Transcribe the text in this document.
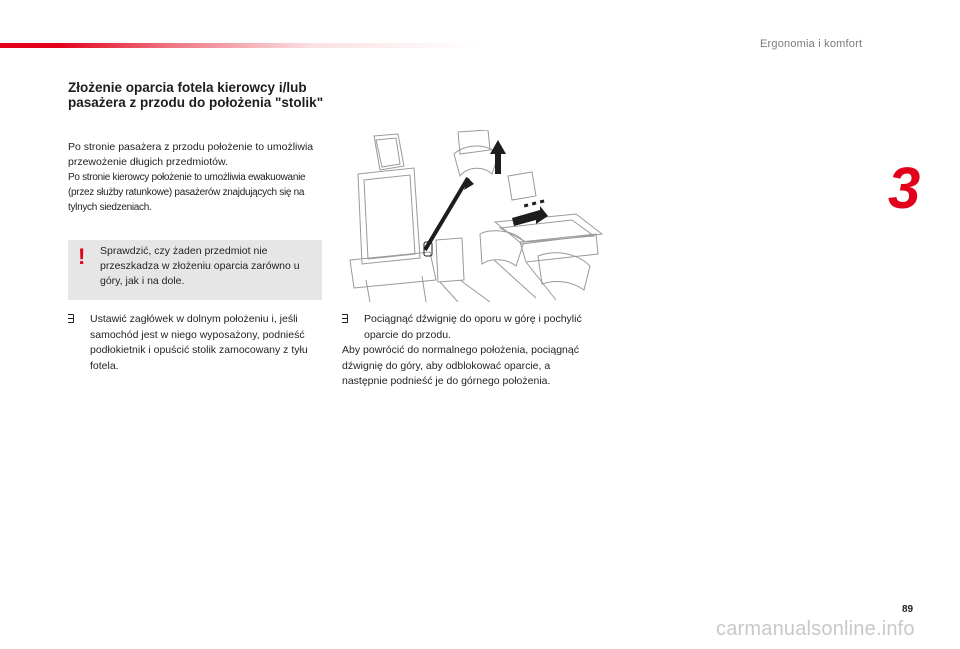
Ergonomia i komfort
3
Złożenie oparcia fotela kierowcy i/lub pasażera z przodu do położenia "stolik"

Po stronie pasażera z przodu położenie to umożliwia przewożenie długich przedmiotów.

Po stronie kierowcy położenie to umożliwia ewakuowanie (przez służby ratunkowe) pasażerów znajdujących się na tylnych siedzeniach.

! Sprawdzić, czy żaden przedmiot nie przeszkadza w złożeniu oparcia zarówno u góry, jak i na dole.
Ustawić zagłówek w dolnym położeniu i, jeśli samochód jest w niego wyposażony, podnieść podłokietnik i opuścić stolik zamocowany z tyłu fotela.
Pociągnąć dźwignię do oporu w górę i pochylić oparcie do przodu.
Aby powrócić do normalnego położenia, pociągnąć dźwignię do góry, aby odblokować oparcie, a następnie podnieść je do górnego położenia.
89
carmanualsonline.info
